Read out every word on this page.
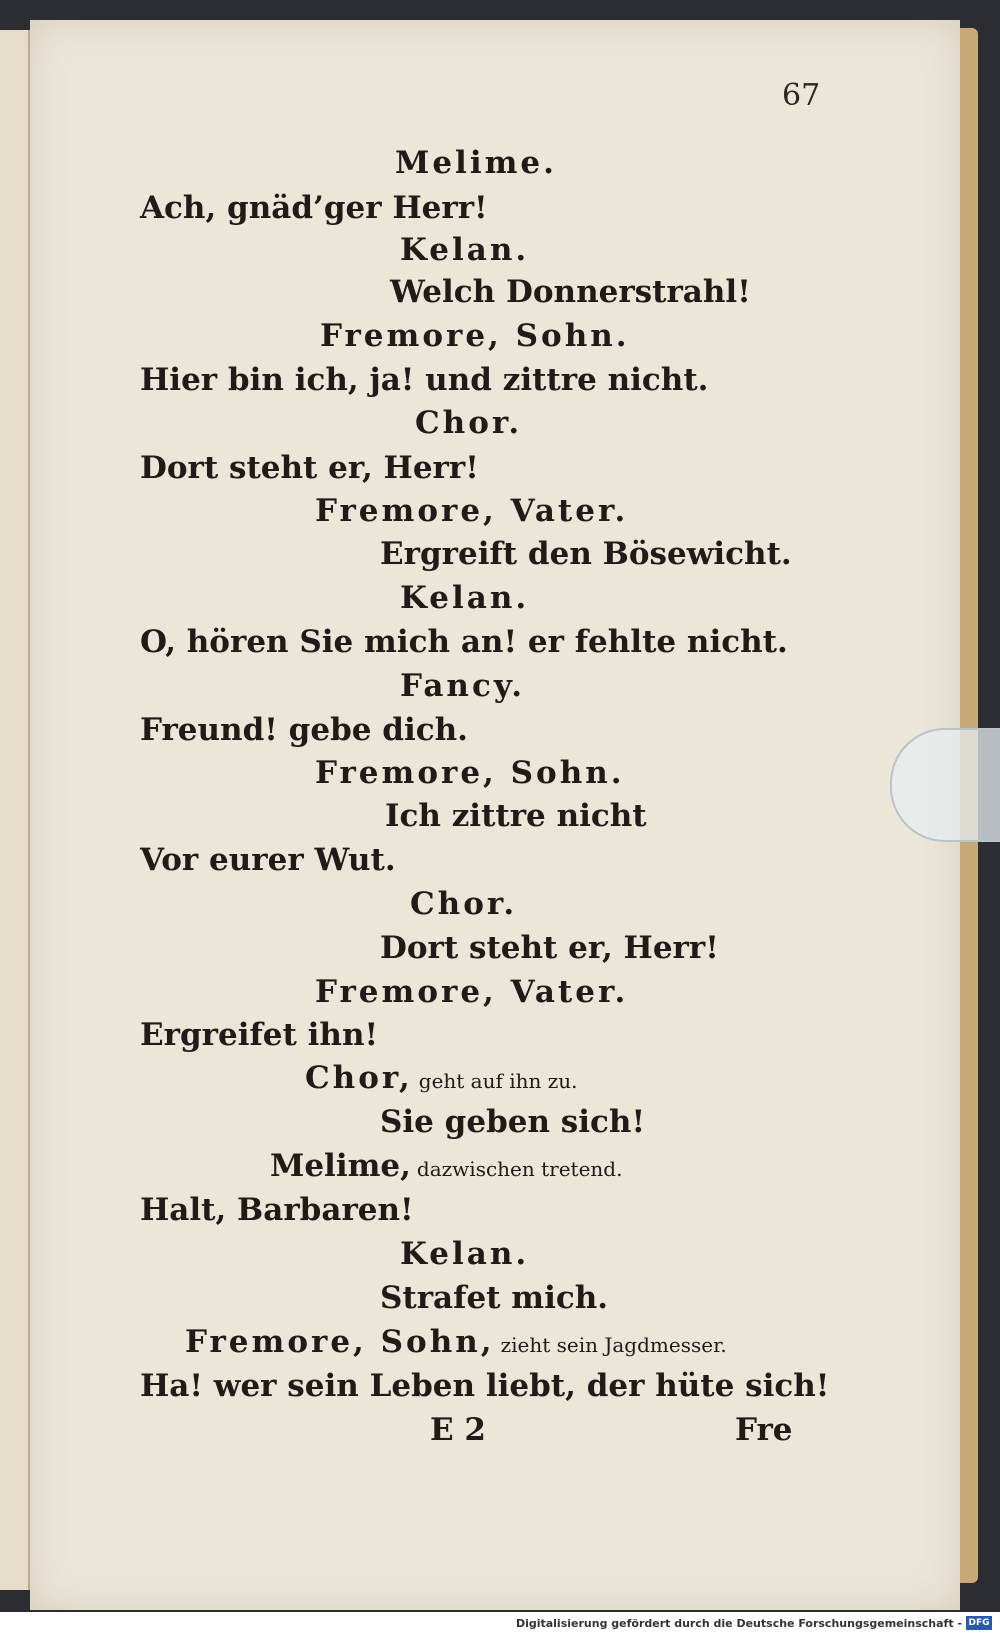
67
Melime.
Ach, gnäd’ger Herr!
Kelan.
Welch Donnerstrahl!
Fremore, Sohn.
Hier bin ich, ja! und zittre nicht.
Chor.
Dort steht er, Herr!
Fremore, Vater.
Ergreift den Bösewicht.
Kelan.
O, hören Sie mich an! er fehlte nicht.
Fancy.
Freund! gebe dich.
Fremore, Sohn.
Ich zittre nicht
Vor eurer Wut.
Chor.
Dort steht er, Herr!
Fremore, Vater.
Ergreifet ihn!
Chor, geht auf ihn zu.
Sie geben sich!
Melime, dazwischen tretend.
Halt, Barbaren!
Kelan.
Strafet mich.
Fremore, Sohn, zieht sein Jagdmesser.
Ha! wer sein Leben liebt, der hüte sich!
E 2	Fre
Digitalisierung gefördert durch die Deutsche Forschungsgemeinschaft - DFG
